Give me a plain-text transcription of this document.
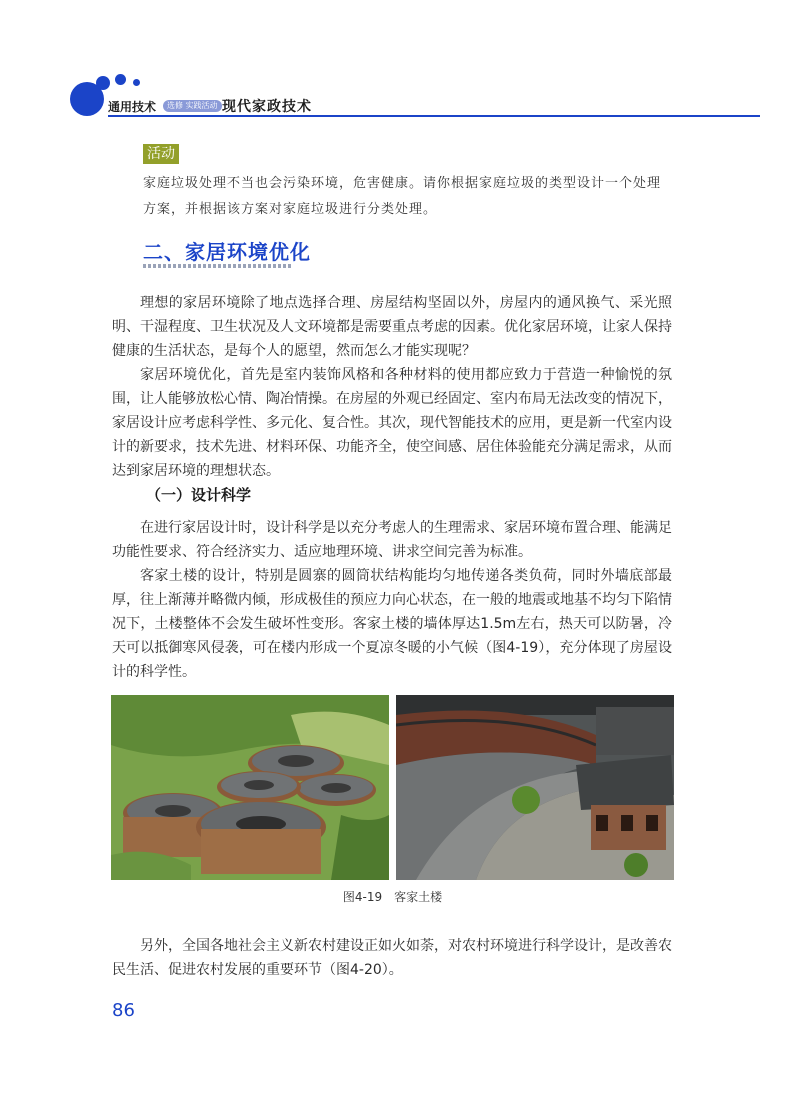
通用技术	选修 实践活动 现代家政技术
活动

家庭垃圾处理不当也会污染环境，危害健康。请你根据家庭垃圾的类型设计一个处理方案，并根据该方案对家庭垃圾进行分类处理。

二、家居环境优化

理想的家居环境除了地点选择合理、房屋结构坚固以外，房屋内的通风换气、采光照明、干湿程度、卫生状况及人文环境都是需要重点考虑的因素。优化家居环境，让家人保持健康的生活状态，是每个人的愿望，然而怎么才能实现呢？

家居环境优化，首先是室内装饰风格和各种材料的使用都应致力于营造一种愉悦的氛围，让人能够放松心情、陶冶情操。在房屋的外观已经固定、室内布局无法改变的情况下，家居设计应考虑科学性、多元化、复合性。其次，现代智能技术的应用，更是新一代室内设计的新要求，技术先进、材料环保、功能齐全，使空间感、居住体验能充分满足需求，从而达到家居环境的理想状态。

（一）设计科学

在进行家居设计时，设计科学是以充分考虑人的生理需求、家居环境布置合理、能满足功能性要求、符合经济实力、适应地理环境、讲求空间完善为标准。

客家土楼的设计，特别是圆寨的圆筒状结构能均匀地传递各类负荷，同时外墙底部最厚，往上渐薄并略微内倾，形成极佳的预应力向心状态，在一般的地震或地基不均匀下陷情况下，土楼整体不会发生破坏性变形。客家土楼的墙体厚达1.5m左右，热天可以防暑，冷天可以抵御寒风侵袭，可在楼内形成一个夏凉冬暖的小气候（图4-19），充分体现了房屋设计的科学性。

图4-19　客家土楼

另外，全国各地社会主义新农村建设正如火如荼，对农村环境进行科学设计，是改善农民生活、促进农村发展的重要环节（图4-20）。

86
